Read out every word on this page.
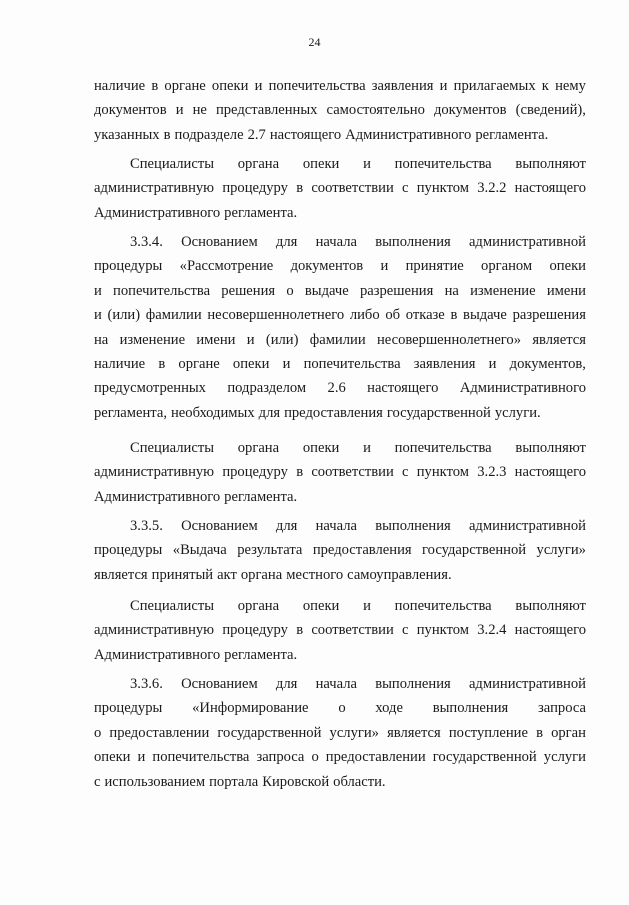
24
наличие в органе опеки и попечительства заявления и прилагаемых к нему
документов и не представленных самостоятельно документов (сведений),
указанных в подразделе 2.7 настоящего Административного регламента.
Специалисты органа опеки и попечительства выполняют
административную процедуру в соответствии с пунктом 3.2.2 настоящего
Административного регламента.
3.3.4. Основанием для начала выполнения административной
процедуры «Рассмотрение документов и принятие органом опеки
и попечительства решения о выдаче разрешения на изменение имени
и (или) фамилии несовершеннолетнего либо об отказе в выдаче разрешения
на изменение имени и (или) фамилии несовершеннолетнего» является
наличие в органе опеки и попечительства заявления и документов,
предусмотренных подразделом 2.6 настоящего Административного
регламента, необходимых для предоставления государственной услуги.
Специалисты органа опеки и попечительства выполняют
административную процедуру в соответствии с пунктом 3.2.3 настоящего
Административного регламента.
3.3.5. Основанием для начала выполнения административной
процедуры «Выдача результата предоставления государственной услуги»
является принятый акт органа местного самоуправления.
Специалисты органа опеки и попечительства выполняют
административную процедуру в соответствии с пунктом 3.2.4 настоящего
Административного регламента.
3.3.6. Основанием для начала выполнения административной
процедуры «Информирование о ходе выполнения запроса
о предоставлении государственной услуги» является поступление в орган
опеки и попечительства запроса о предоставлении государственной услуги
с использованием портала Кировской области.
